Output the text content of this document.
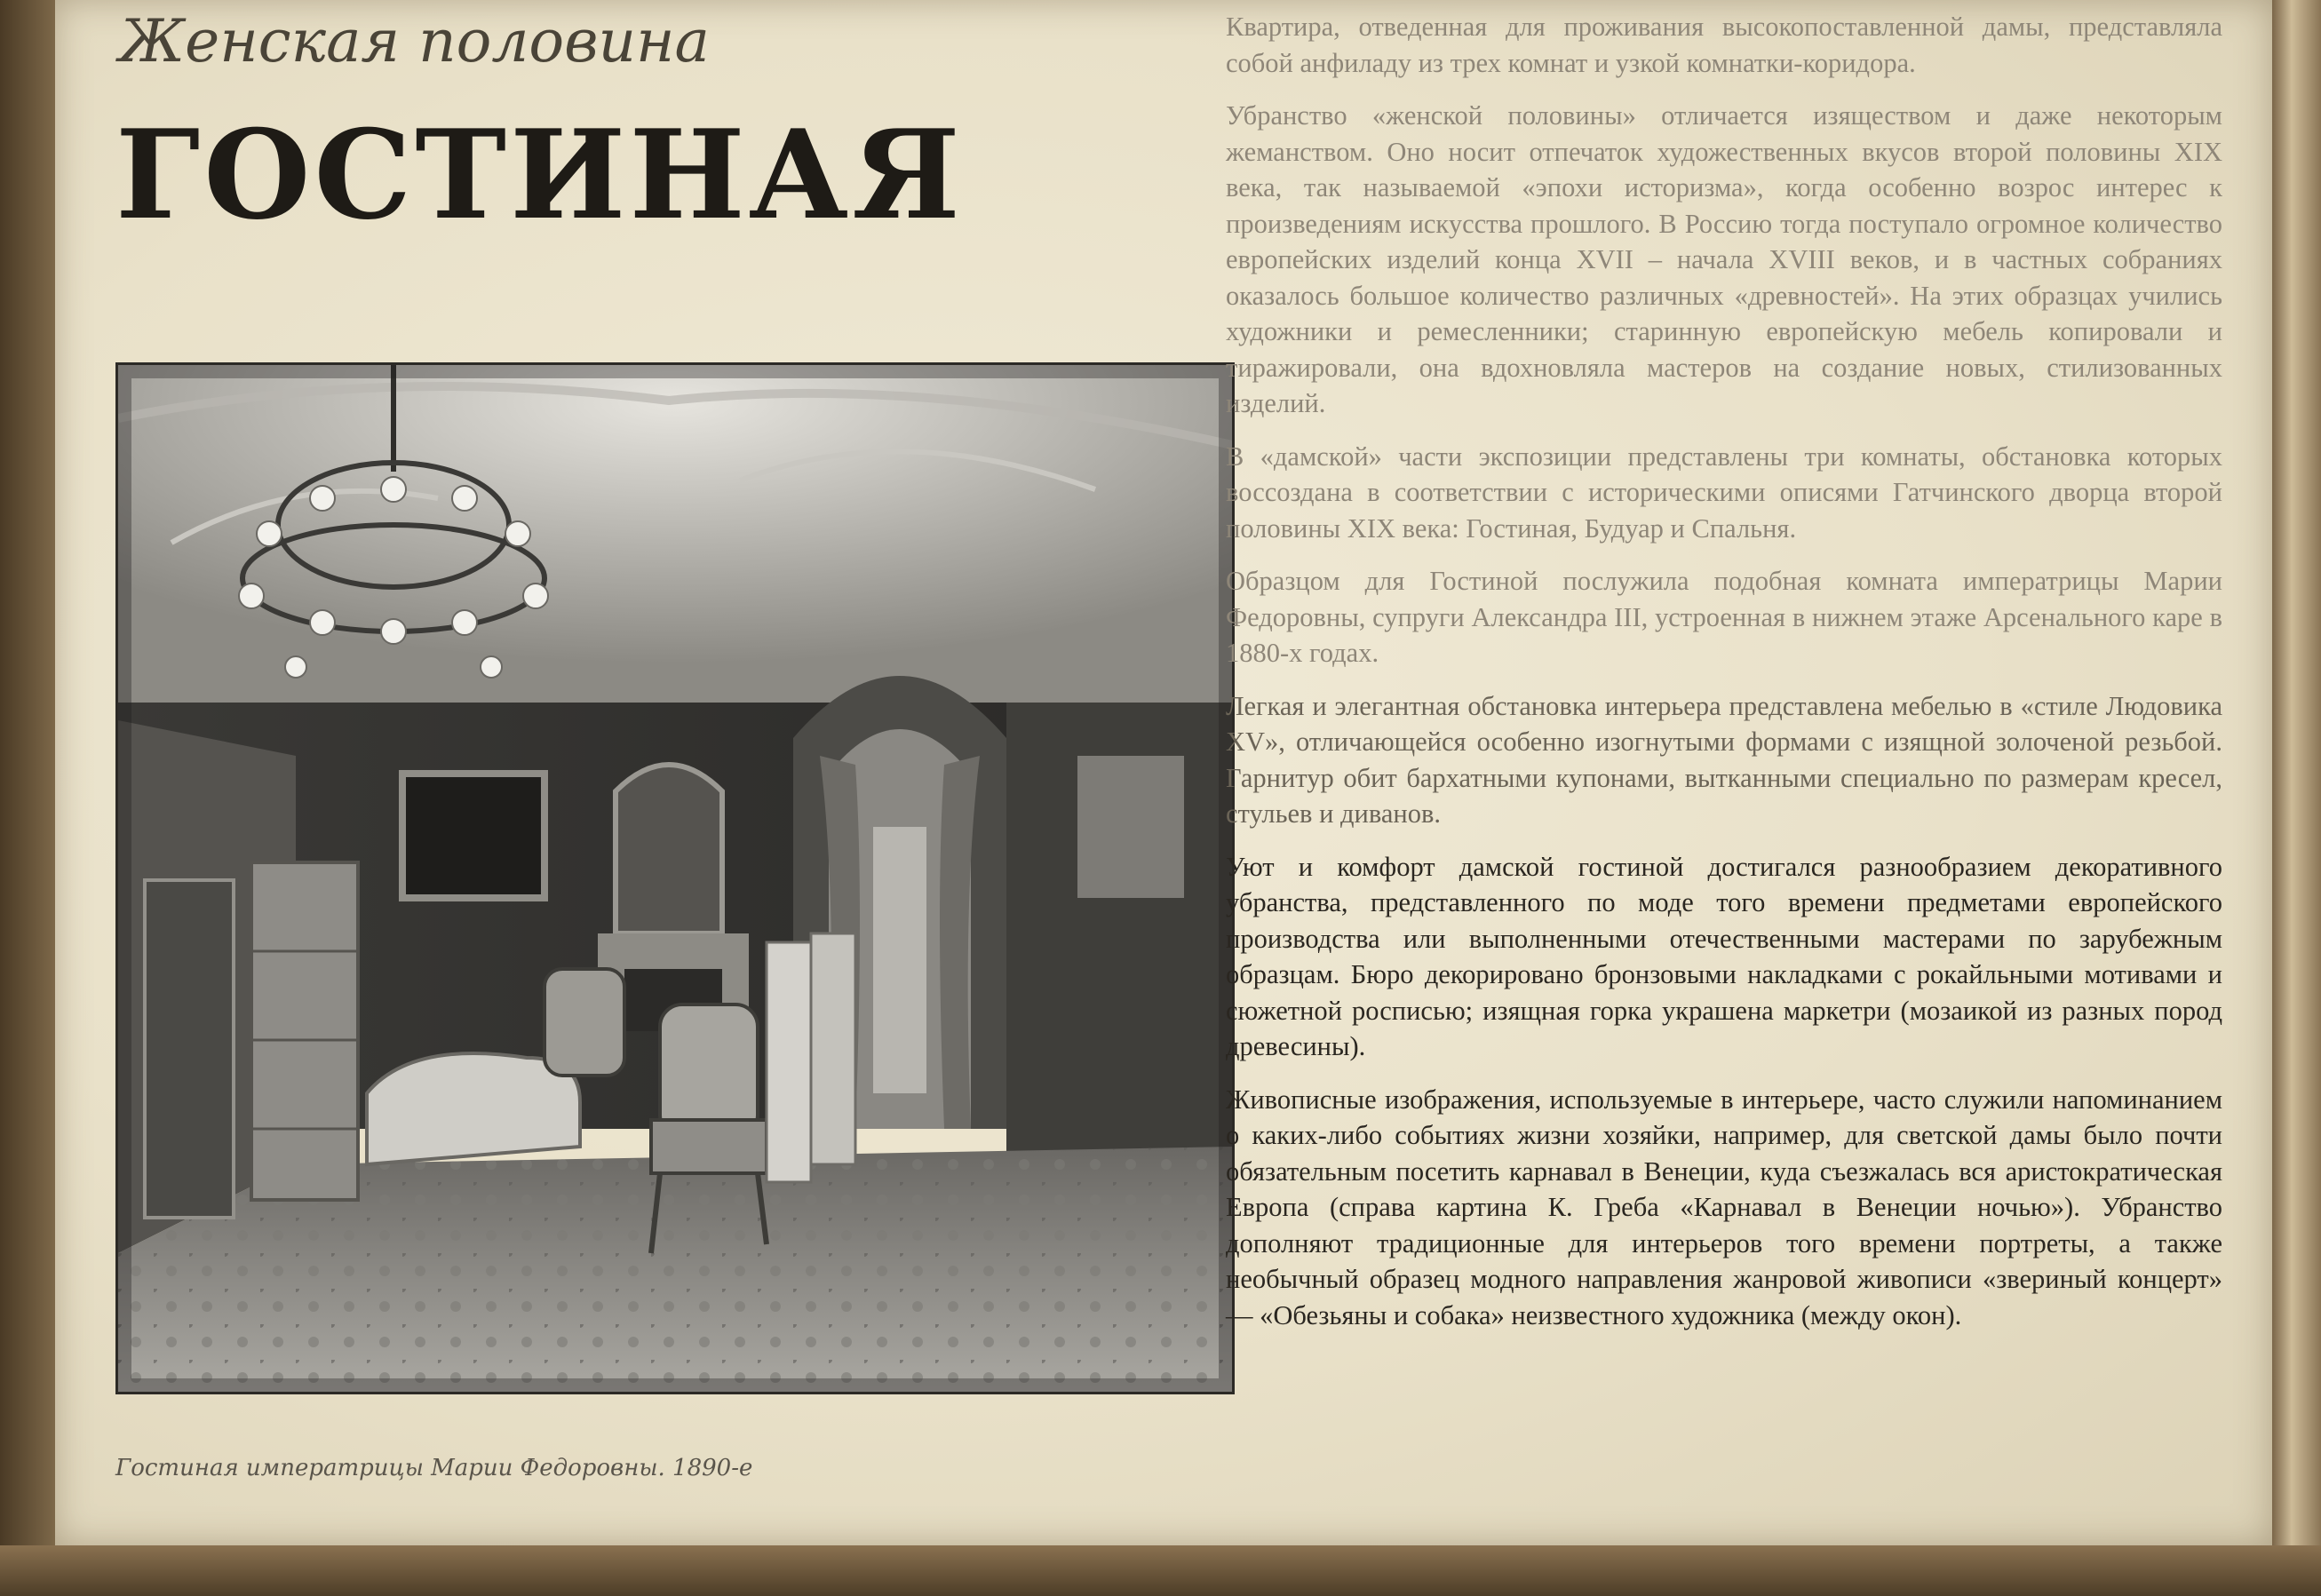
Женская половина
ГОСТИНАЯ

Гостиная императрицы Марии Федоровны. 1890-е

Квартира, отведенная для проживания высокопоставленной дамы, представляла собой анфиладу из трех комнат и узкой комнатки-коридора.

Убранство «женской половины» отличается изяществом и даже некоторым жеманством. Оно носит отпечаток художественных вкусов второй половины XIX века, так называемой «эпохи историзма», когда особенно возрос интерес к произведениям искусства прошлого. В Россию тогда поступало огромное количество европейских изделий конца XVII – начала XVIII веков, и в частных собраниях оказалось большое количество различных «древностей». На этих образцах учились художники и ремесленники; старинную европейскую мебель копировали и тиражировали, она вдохновляла мастеров на создание новых, стилизованных изделий.

В «дамской» части экспозиции представлены три комнаты, обстановка которых воссоздана в соответствии с историческими описями Гатчинского дворца второй половины XIX века: Гостиная, Будуар и Спальня.

Образцом для Гостиной послужила подобная комната императрицы Марии Федоровны, супруги Александра III, устроенная в нижнем этаже Арсенального каре в 1880-х годах.

Легкая и элегантная обстановка интерьера представлена мебелью в «стиле Людовика XV», отличающейся особенно изогнутыми формами с изящной золоченой резьбой. Гарнитур обит бархатными купонами, вытканными специально по размерам кресел, стульев и диванов.

Уют и комфорт дамской гостиной достигался разнообразием декоративного убранства, представленного по моде того времени предметами европейского производства или выполненными отечественными мастерами по зарубежным образцам. Бюро декорировано бронзовыми накладками с рокайльными мотивами и сюжетной росписью; изящная горка украшена маркетри (мозаикой из разных пород древесины).

Живописные изображения, используемые в интерьере, часто служили напоминанием о каких-либо событиях жизни хозяйки, например, для светской дамы было почти обязательным посетить карнавал в Венеции, куда съезжалась вся аристократическая Европа (справа картина К. Греба «Карнавал в Венеции ночью»). Убранство дополняют традиционные для интерьеров того времени портреты, а также необычный образец модного направления жанровой живописи «звериный концерт» — «Обезьяны и собака» неизвестного художника (между окон).
